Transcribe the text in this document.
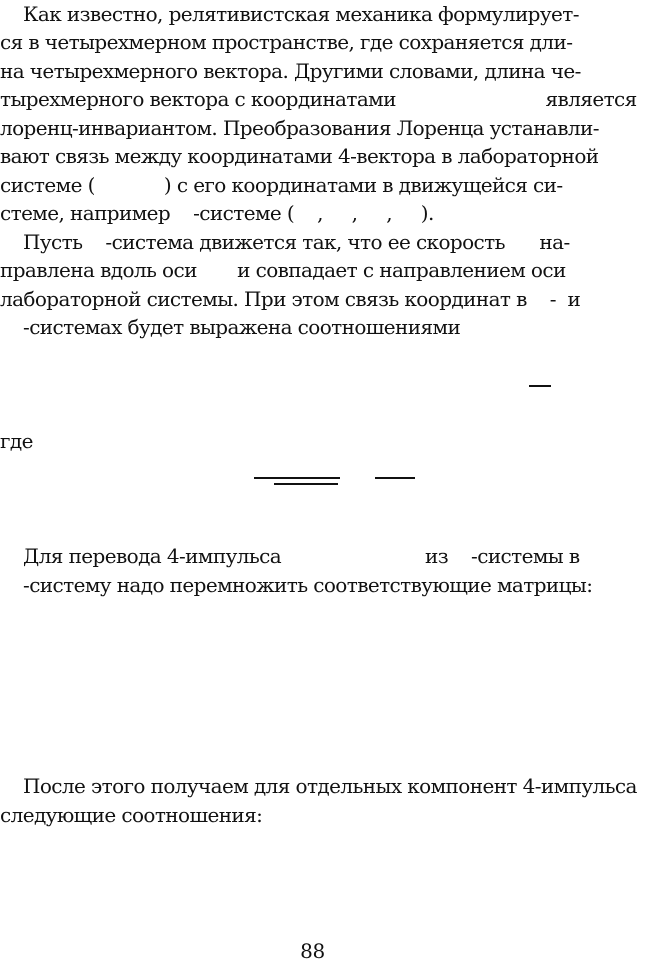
Как известно, релятивистская механика формулирует-
ся в четырехмерном пространстве, где сохраняется дли-
на четырехмерного вектора. Другими словами, длина че-
тырехмерного вектора с координатами                          является
лоренц-инвариантом. Преобразования Лоренца устанавли-
вают связь между координатами 4-вектора в лабораторной
системе (            ) с его координатами в движущейся си-
стеме, например    -системе (    ,     ,     ,     ).
Пусть    -система движется так, что ее скорость      на-
правлена вдоль оси       и совпадает с направлением оси
лабораторной системы. При этом связь координат в    -  и
-системах будет выражена соотношениями
где
Для перевода 4-импульса                         из    -системы в
-систему надо перемножить соответствующие матрицы:
После этого получаем для отдельных компонент 4-импульса
следующие соотношения:
88
